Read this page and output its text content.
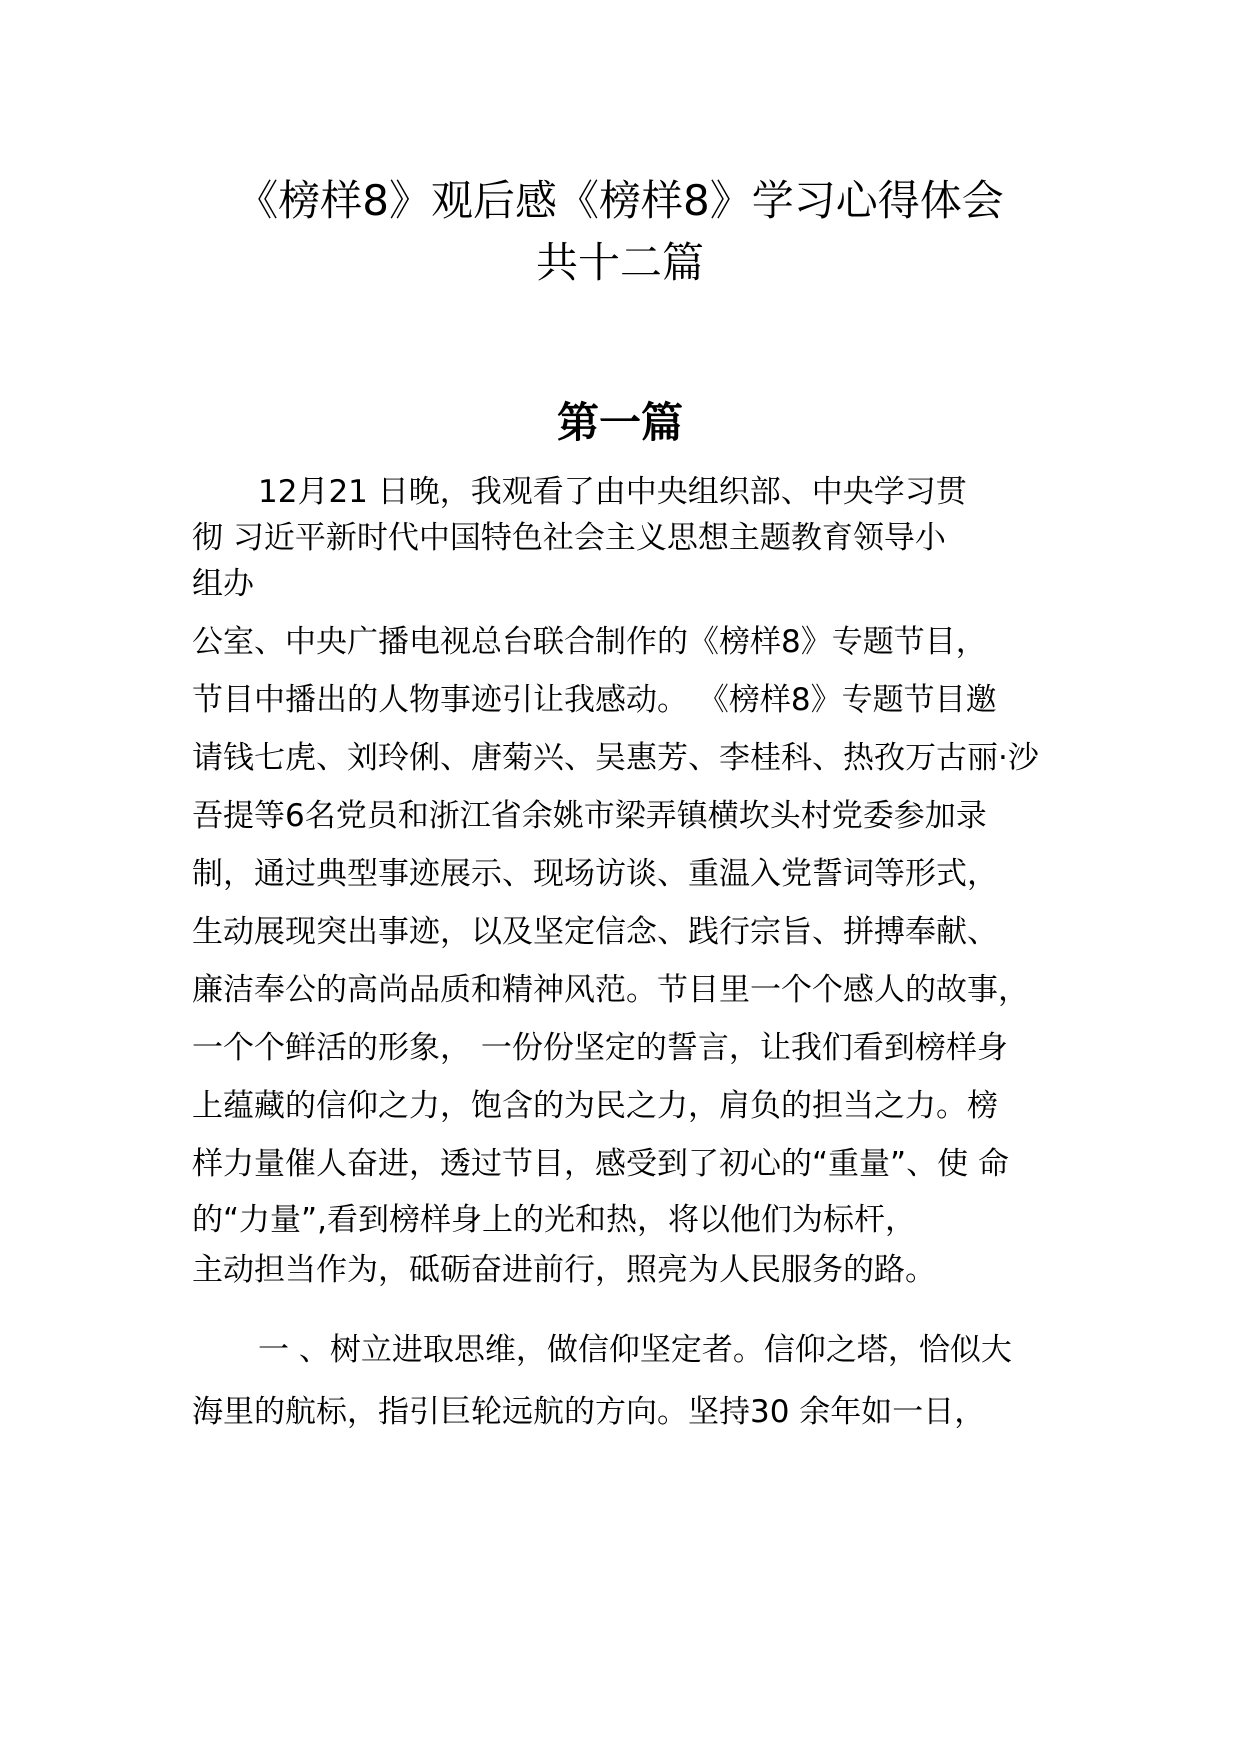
《榜样8》观后感《榜样8》学习心得体会
共十二篇
第一篇

12月21 日晚，我观看了由中央组织部、中央学习贯

彻 习近平新时代中国特色社会主义思想主题教育领导小

组办

公室、中央广播电视总台联合制作的《榜样8》专题节目，

节目中播出的人物事迹引让我感动。 《榜样8》专题节目邀

请钱七虎、刘玲俐、唐菊兴、吴惠芳、李桂科、热孜万古丽·沙

吾提等6名党员和浙江省余姚市梁弄镇横坎头村党委参加录

制，通过典型事迹展示、现场访谈、重温入党誓词等形式，

生动展现突出事迹，以及坚定信念、践行宗旨、拼搏奉献、

廉洁奉公的高尚品质和精神风范。节目里一个个感人的故事，

一个个鲜活的形象， 一份份坚定的誓言，让我们看到榜样身

上蕴藏的信仰之力，饱含的为民之力，肩负的担当之力。榜

样力量催人奋进，透过节目，感受到了初心的“重量”、使 命

的“力量”,看到榜样身上的光和热，将以他们为标杆，

主动担当作为，砥砺奋进前行，照亮为人民服务的路。

一 、树立进取思维，做信仰坚定者。信仰之塔，恰似大

海里的航标，指引巨轮远航的方向。坚持30 余年如一日，
